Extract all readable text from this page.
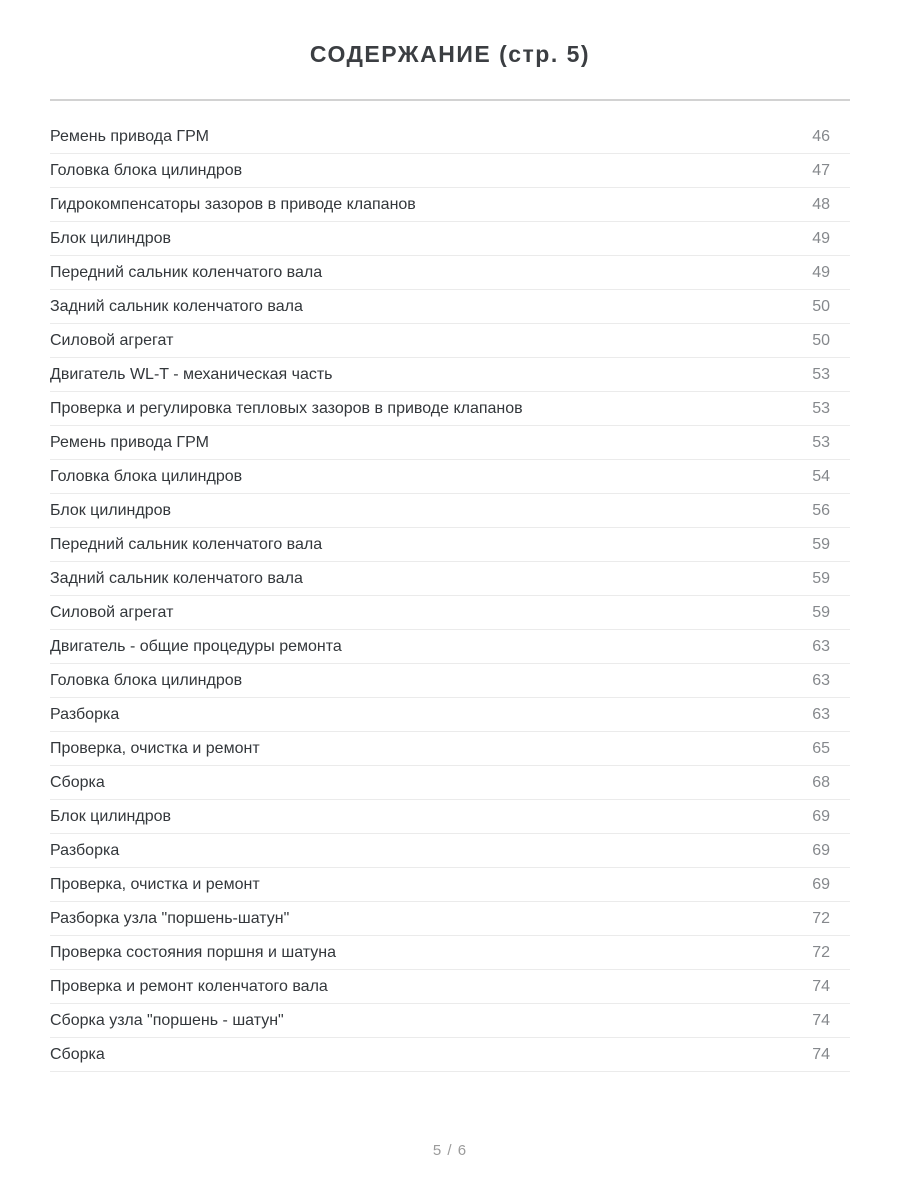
СОДЕРЖАНИЕ (стр. 5)
Ремень привода ГРМ	46
Головка блока цилиндров	47
Гидрокомпенсаторы зазоров в приводе клапанов	48
Блок цилиндров	49
Передний сальник коленчатого вала	49
Задний сальник коленчатого вала	50
Силовой агрегат	50
Двигатель WL-T - механическая часть	53
Проверка и регулировка тепловых зазоров в приводе клапанов	53
Ремень привода ГРМ	53
Головка блока цилиндров	54
Блок цилиндров	56
Передний сальник коленчатого вала	59
Задний сальник коленчатого вала	59
Силовой агрегат	59
Двигатель - общие процедуры ремонта	63
Головка блока цилиндров	63
Разборка	63
Проверка, очистка и ремонт	65
Сборка	68
Блок цилиндров	69
Разборка	69
Проверка, очистка и ремонт	69
Разборка узла "поршень-шатун"	72
Проверка состояния поршня и шатуна	72
Проверка и ремонт коленчатого вала	74
Сборка узла "поршень - шатун"	74
Сборка	74
5 / 6
